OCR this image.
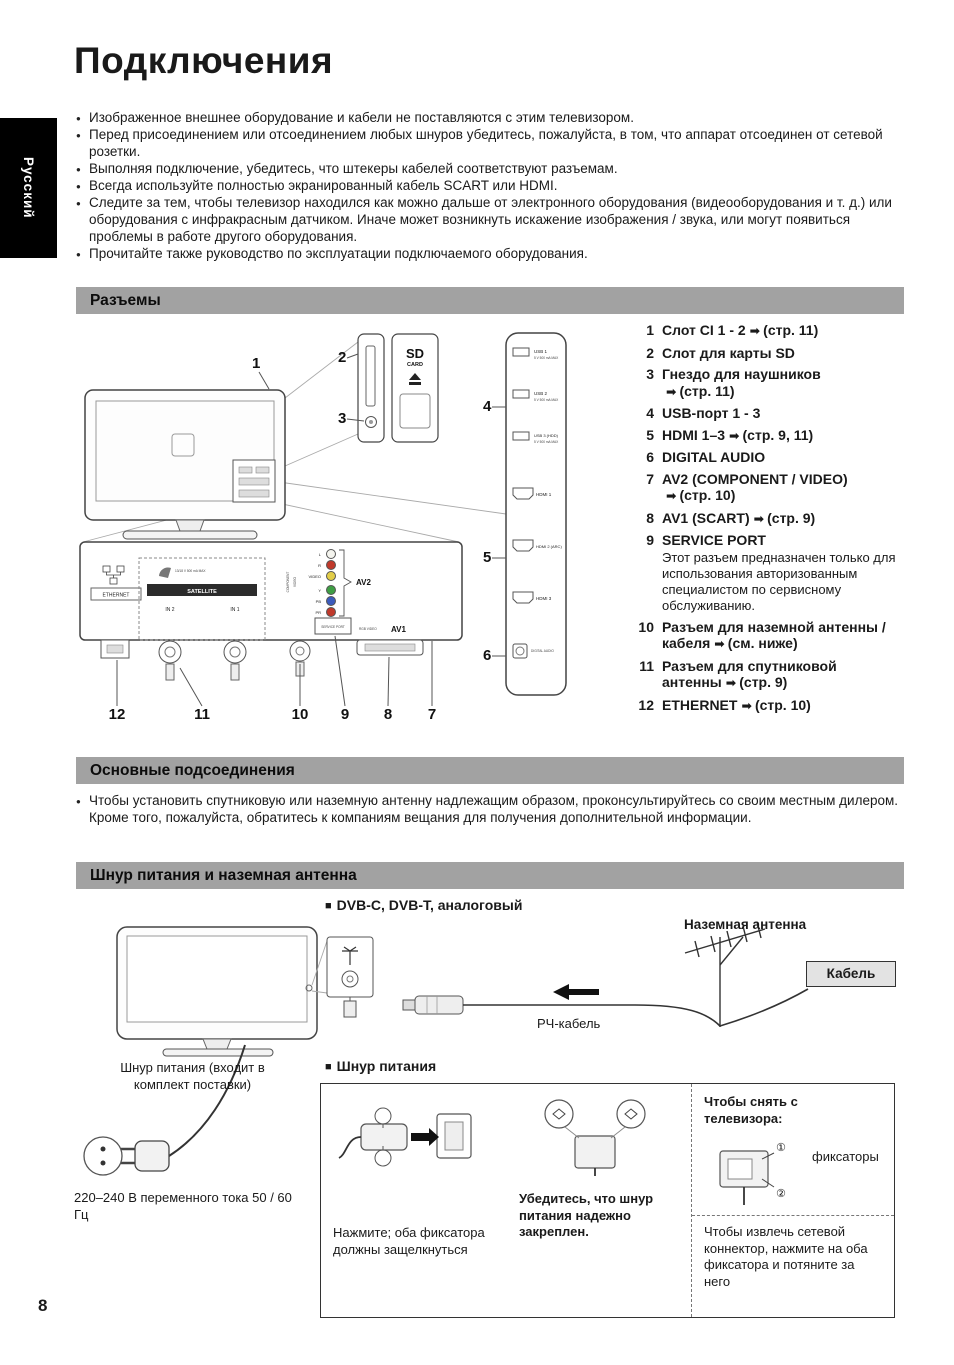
Русский
Подключения
● Изображенное внешнее оборудование и кабели не поставляются с этим телевизором.
● Перед присоединением или отсоединением любых шнуров убедитесь, пожалуйста, в том, что аппарат отсоединен от сетевой розетки.
● Выполняя подключение, убедитесь, что штекеры кабелей соответствуют разъемам.
● Всегда используйте полностью экранированный кабель SCART или HDMI.
● Следите за тем, чтобы телевизор находился как можно дальше от электронного оборудования (видеооборудования и т. д.) или оборудования с инфракрасным датчиком. Иначе может возникнуть искажение изображения / звука, или могут появиться проблемы в работе другого оборудования.
● Прочитайте также руководство по эксплуатации подключаемого оборудования.
Разъемы
1	2
3
SD
CARD
USB 1
5 V 500 mA MAX
USB 2
5 V 500 mA MAX
USB 3 (HDD)
5 V 500 mA MAX
HDMI 1
HDMI 2 (ARC)
HDMI 3
DIGITAL AUDIO
4
5
6
ETHERNET
13/18 V 500 mA MAX
SATELLITE
IN 2	IN 1
COMPONENT VIDEO
L
R
VIDEO
Y
PB
PR
AV2
SERVICE PORT	RGB VIDEO AV1
12	11	10 9 8 7
1 Слот CI 1 - 2 ➡ (стр. 11)
2 Слот для карты SD
3 Гнездо для наушников
➡ (стр. 11)
4 USB-порт 1 - 3
5 HDMI 1–3 ➡ (стр. 9, 11)
6 DIGITAL AUDIO
7 AV2 (COMPONENT / VIDEO)
➡ (стр. 10)
8 AV1 (SCART) ➡ (стр. 9)
9 SERVICE PORT
Этот разъем предназначен только для использования авторизованным специалистом по сервисному обслуживанию.
10 Разъем для наземной антенны / кабеля ➡ (см. ниже)
11 Разъем для спутниковой антенны ➡ (стр. 9)
12 ETHERNET ➡ (стр. 10)
Основные подсоединения
● Чтобы установить спутниковую или наземную антенну надлежащим образом, проконсультируйтесь со своим местным дилером. Кроме того, пожалуйста, обратитесь к компаниям вещания для получения дополнительной информации.
Шнур питания и наземная антенна
■ DVB-C, DVB-T, аналоговый
Наземная антенна
Кабель
РЧ-кабель
Шнур питания (входит в комплект поставки)
220–240 В переменного тока 50 / 60 Гц
■ Шнур питания
Нажмите; оба фиксатора должны защелкнуться
Убедитесь, что шнур питания надежно закреплен.
Чтобы снять с телевизора:
①
②
фиксаторы
Чтобы извлечь сетевой коннектор, нажмите на оба фиксатора и потяните за него
8
